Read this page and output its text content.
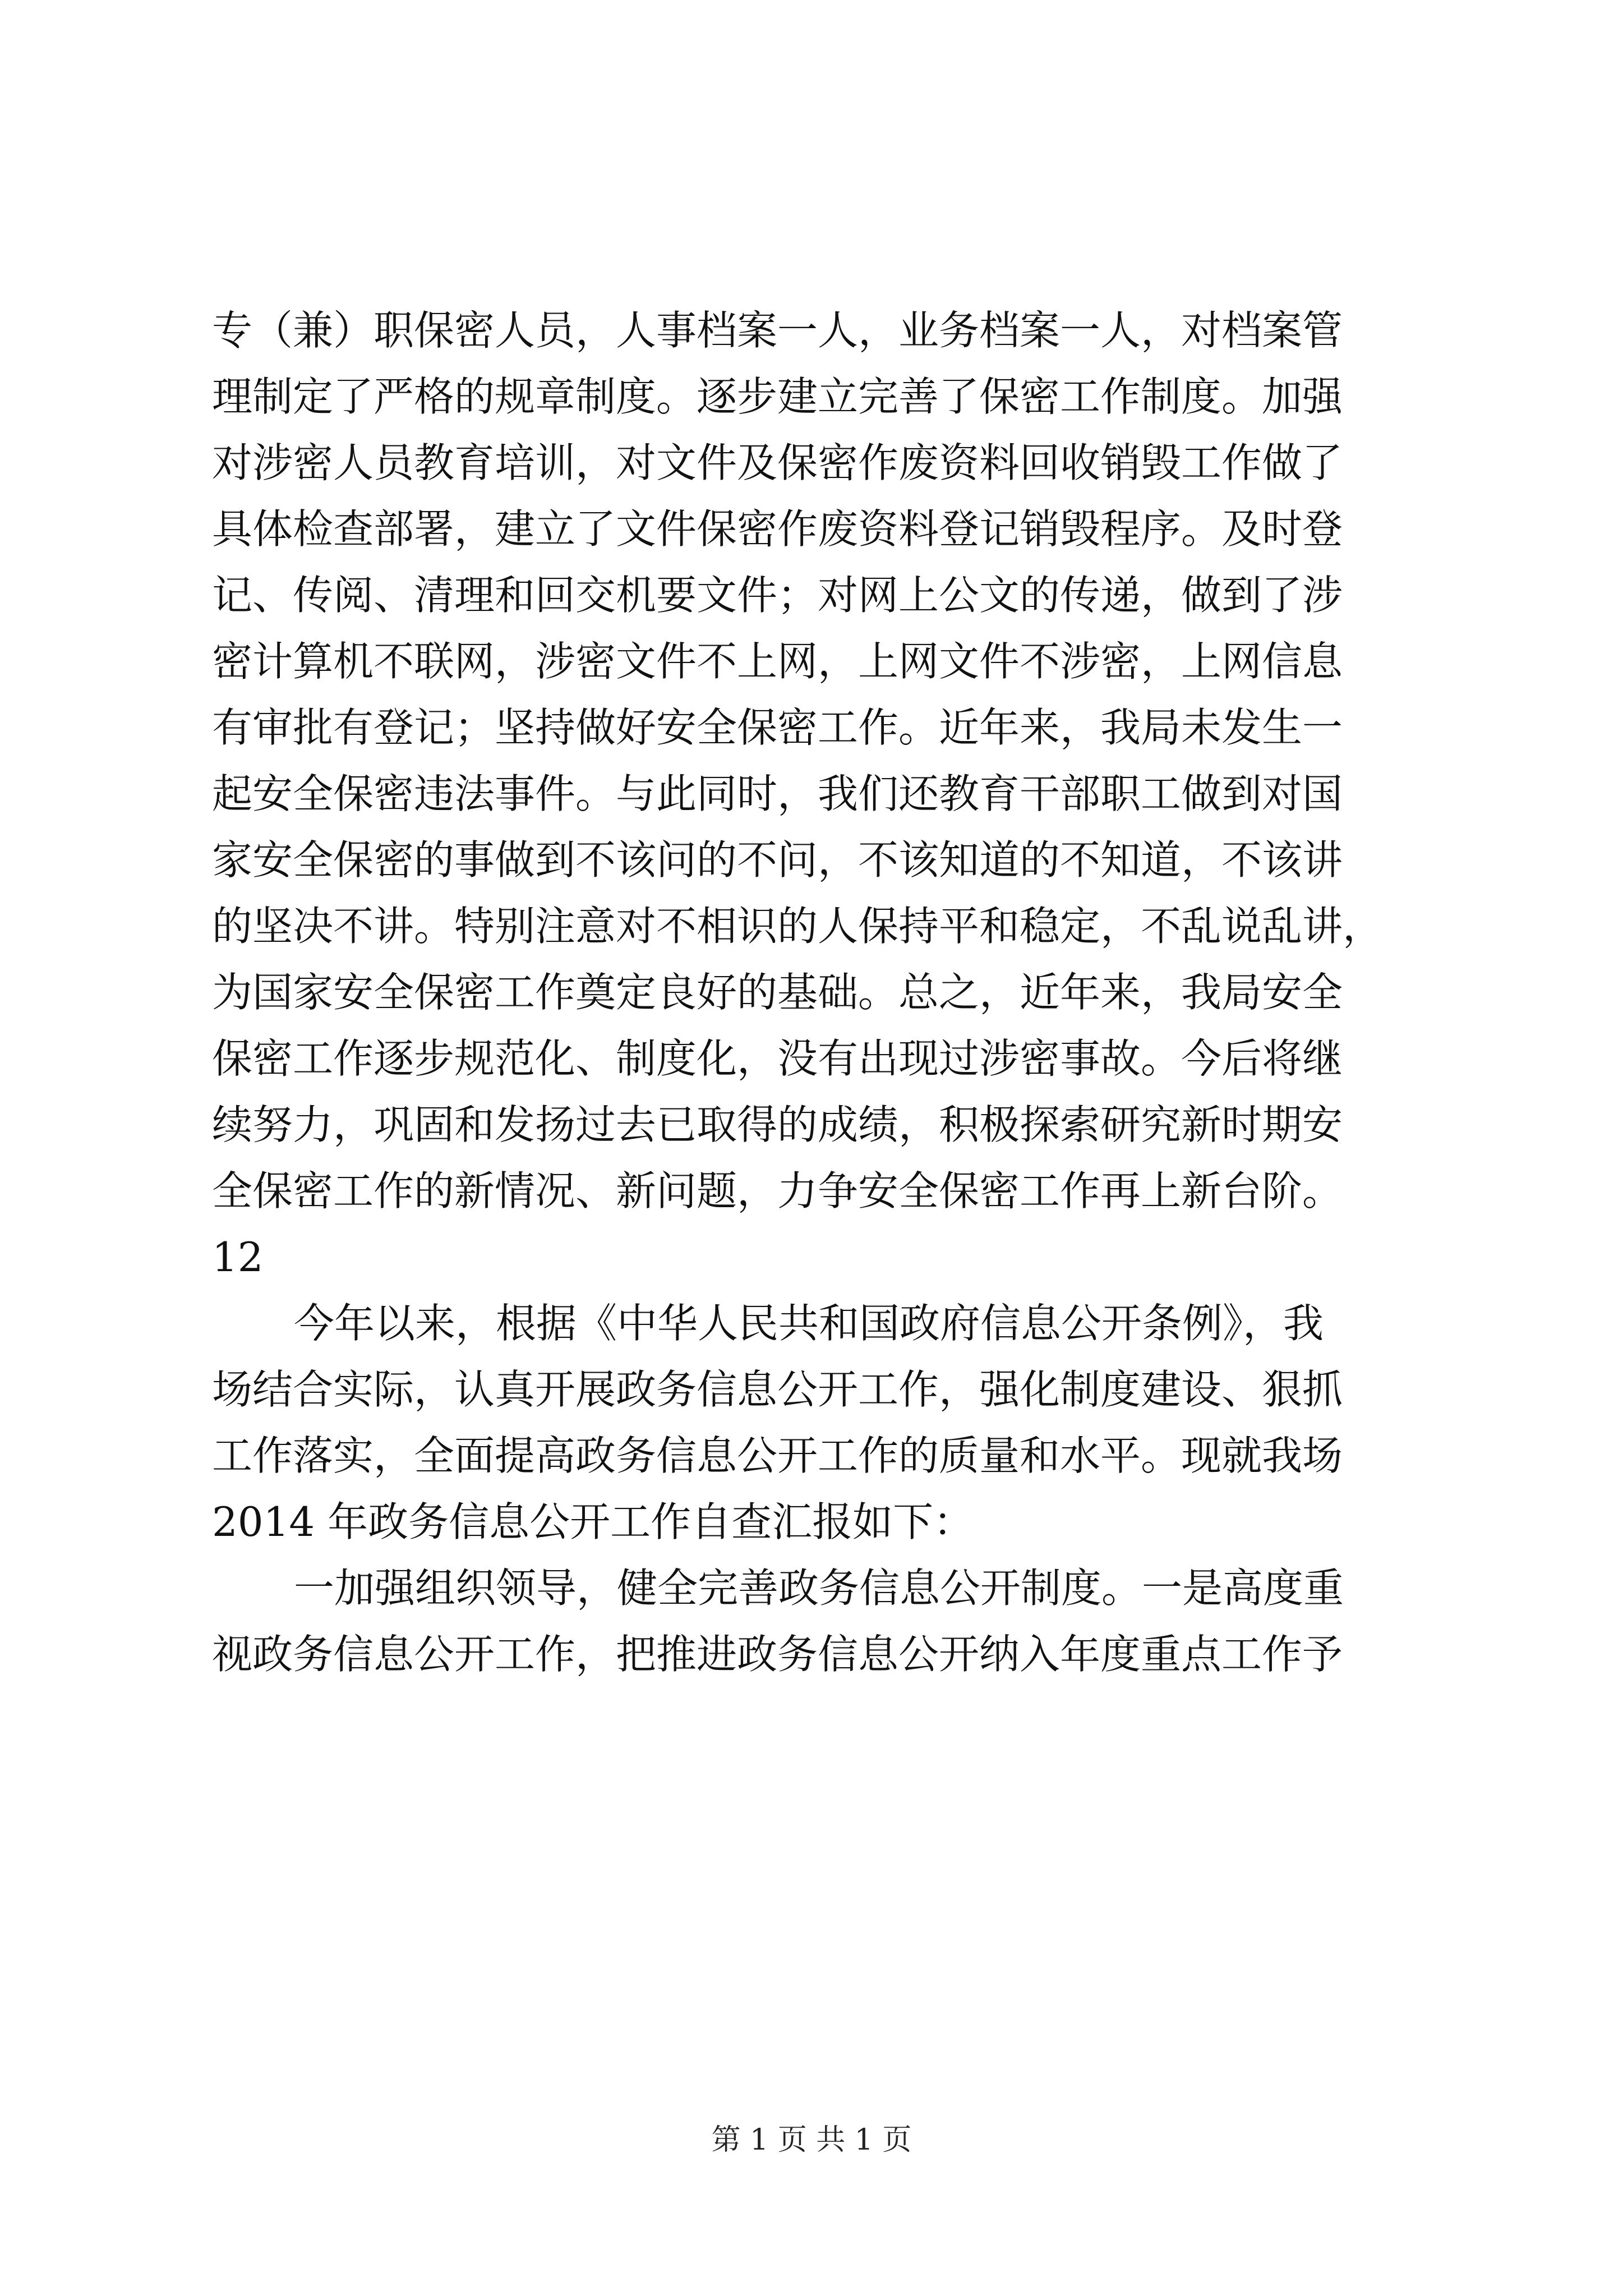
专（兼）职保密人员，人事档案一人，业务档案一人，对档案管
理制定了严格的规章制度。逐步建立完善了保密工作制度。加强
对涉密人员教育培训，对文件及保密作废资料回收销毁工作做了
具体检查部署，建立了文件保密作废资料登记销毁程序。及时登
记、传阅、清理和回交机要文件；对网上公文的传递，做到了涉
密计算机不联网，涉密文件不上网，上网文件不涉密，上网信息
有审批有登记；坚持做好安全保密工作。近年来，我局未发生一
起安全保密违法事件。与此同时，我们还教育干部职工做到对国
家安全保密的事做到不该问的不问，不该知道的不知道，不该讲
的坚决不讲。特别注意对不相识的人保持平和稳定，不乱说乱讲，
为国家安全保密工作奠定良好的基础。总之，近年来，我局安全
保密工作逐步规范化、制度化，没有出现过涉密事故。今后将继
续努力，巩固和发扬过去已取得的成绩，积极探索研究新时期安
全保密工作的新情况、新问题，力争安全保密工作再上新台阶。
12
今年以来，根据《中华人民共和国政府信息公开条例》，我
场结合实际，认真开展政务信息公开工作，强化制度建设、狠抓
工作落实，全面提高政务信息公开工作的质量和水平。现就我场
2014 年政务信息公开工作自查汇报如下：
一加强组织领导，健全完善政务信息公开制度。一是高度重
视政务信息公开工作，把推进政务信息公开纳入年度重点工作予
第 1 页 共 1 页
